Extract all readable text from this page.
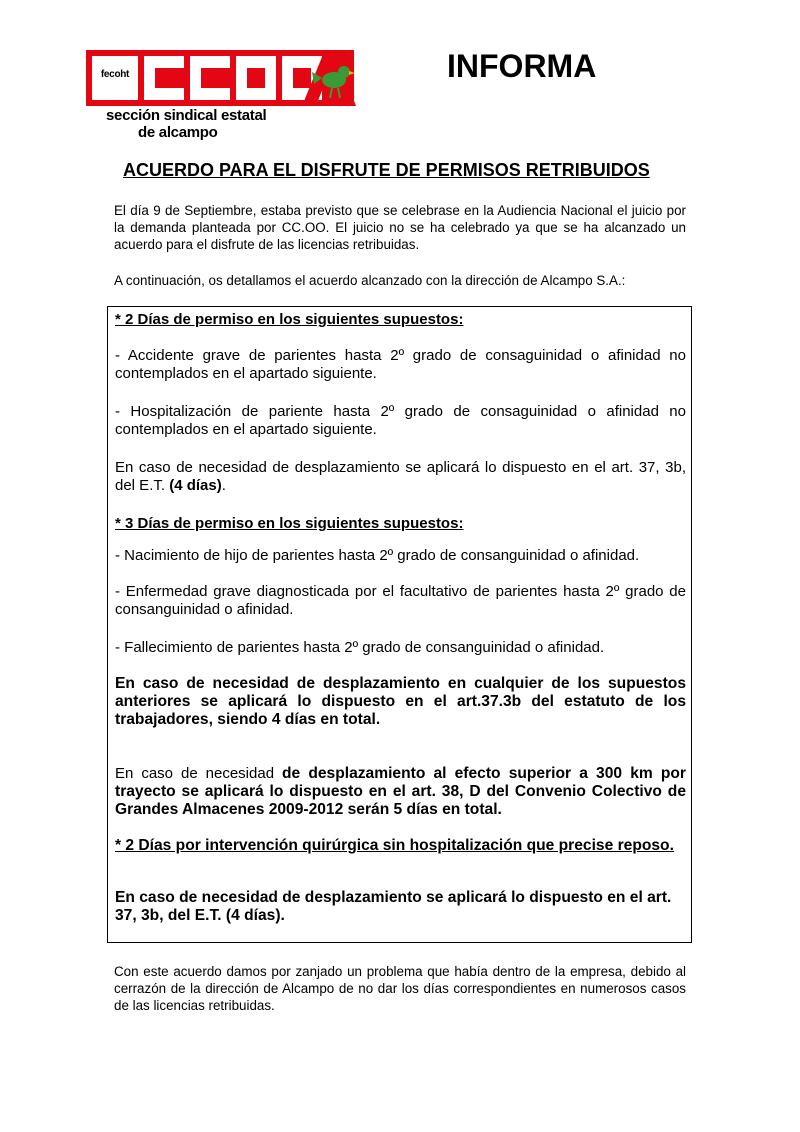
fecoht
sección sindical estatal
de alcampo
INFORMA
ACUERDO PARA EL DISFRUTE DE PERMISOS RETRIBUIDOS

El día 9 de Septiembre, estaba previsto que se celebrase en la Audiencia Nacional el juicio por la demanda planteada por CC.OO. El juicio no se ha celebrado ya que se ha alcanzado un acuerdo para el disfrute de las licencias retribuidas.

A continuación, os detallamos el acuerdo alcanzado con la dirección de Alcampo S.A.:

* 2 Días de permiso en los siguientes supuestos:

- Accidente grave de parientes hasta 2º grado de consaguinidad o afinidad no contemplados en el apartado siguiente.

- Hospitalización de pariente hasta 2º grado de consaguinidad o afinidad no contemplados en el apartado siguiente.

En caso de necesidad de desplazamiento se aplicará lo dispuesto en el art. 37, 3b, del E.T. (4 días).

* 3 Días de permiso en los siguientes supuestos:

- Nacimiento de hijo de parientes hasta 2º grado de consanguinidad o afinidad.

- Enfermedad grave diagnosticada por el facultativo de parientes hasta 2º grado de consanguinidad o afinidad.

- Fallecimiento de parientes hasta 2º grado de consanguinidad o afinidad.

En caso de necesidad de desplazamiento en cualquier de los supuestos anteriores se aplicará lo dispuesto en el art.37.3b del estatuto de los trabajadores, siendo 4 días en total.

En caso de necesidad de desplazamiento al efecto superior a 300 km por trayecto se aplicará lo dispuesto en el art. 38, D del Convenio Colectivo de Grandes Almacenes 2009-2012 serán 5 días en total.

* 2 Días por intervención quirúrgica sin hospitalización que precise reposo.

En caso de necesidad de desplazamiento se aplicará lo dispuesto en el art. 37, 3b, del E.T. (4 días).

Con este acuerdo damos por zanjado un problema que había dentro de la empresa, debido al cerrazón de la dirección de Alcampo de no dar los días correspondientes en numerosos casos de las licencias retribuidas.
